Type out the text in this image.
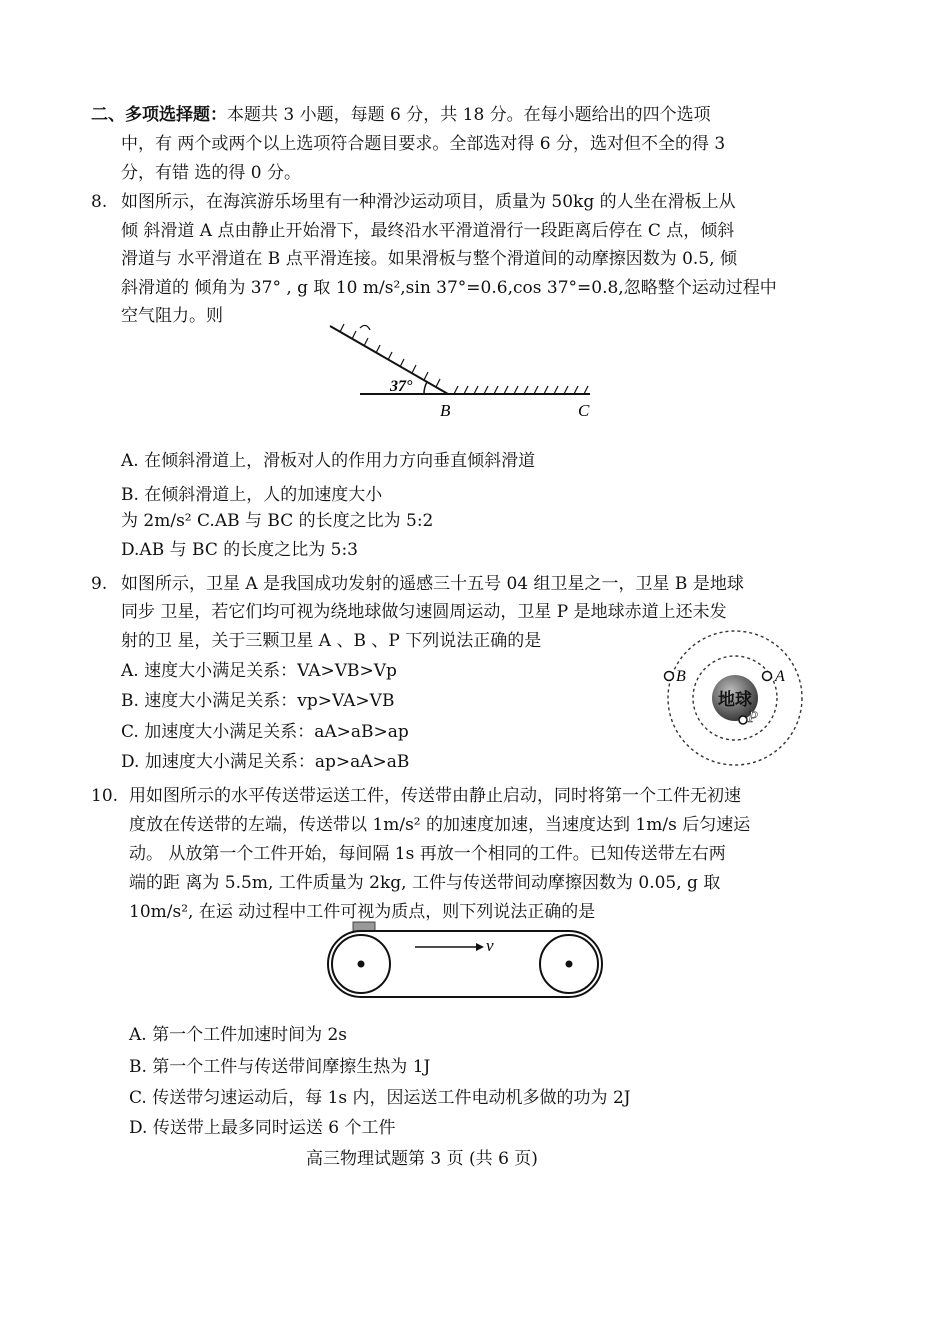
二、多项选择题：本题共 3 小题，每题 6 分，共 18 分。在每小题给出的四个选项
中，有 两个或两个以上选项符合题目要求。全部选对得 6 分，选对但不全的得 3
分，有错 选的得 0 分。
8. 如图所示，在海滨游乐场里有一种滑沙运动项目，质量为 50kg 的人坐在滑板上从
倾 斜滑道 A 点由静止开始滑下，最终沿水平滑道滑行一段距离后停在 C 点，倾斜
滑道与 水平滑道在 B 点平滑连接。如果滑板与整个滑道间的动摩擦因数为 0.5, 倾
斜滑道的 倾角为 37° , g 取 10 m/s²,sin 37°=0.6,cos 37°=0.8,忽略整个运动过程中
空气阻力。则
37°
B	C
A. 在倾斜滑道上，滑板对人的作用力方向垂直倾斜滑道
B. 在倾斜滑道上，人的加速度大小
为 2m/s² C.AB 与 BC 的长度之比为 5:2
D.AB 与 BC 的长度之比为 5:3
9. 如图所示，卫星 A 是我国成功发射的遥感三十五号 04 组卫星之一，卫星 B 是地球
同步 卫星，若它们均可视为绕地球做匀速圆周运动，卫星 P 是地球赤道上还未发
射的卫 星，关于三颗卫星 A 、B 、P 下列说法正确的是
A. 速度大小满足关系：VA>VB>Vp
B. 速度大小满足关系：vp>VA>VB
C. 加速度大小满足关系：aA>aB>ap
D. 加速度大小满足关系：ap>aA>aB
地球
B	A
P
10. 用如图所示的水平传送带运送工件，传送带由静止启动，同时将第一个工件无初速
度放在传送带的左端，传送带以 1m/s² 的加速度加速，当速度达到 1m/s 后匀速运
动。 从放第一个工件开始，每间隔 1s 再放一个相同的工件。已知传送带左右两
端的距 离为 5.5m, 工件质量为 2kg, 工件与传送带间动摩擦因数为 0.05, g 取
10m/s², 在运 动过程中工件可视为质点，则下列说法正确的是
v
A. 第一个工件加速时间为 2s
B. 第一个工件与传送带间摩擦生热为 1J
C. 传送带匀速运动后，每 1s 内，因运送工件电动机多做的功为 2J
D. 传送带上最多同时运送 6 个工件
高三物理试题第 3 页 (共 6 页)
